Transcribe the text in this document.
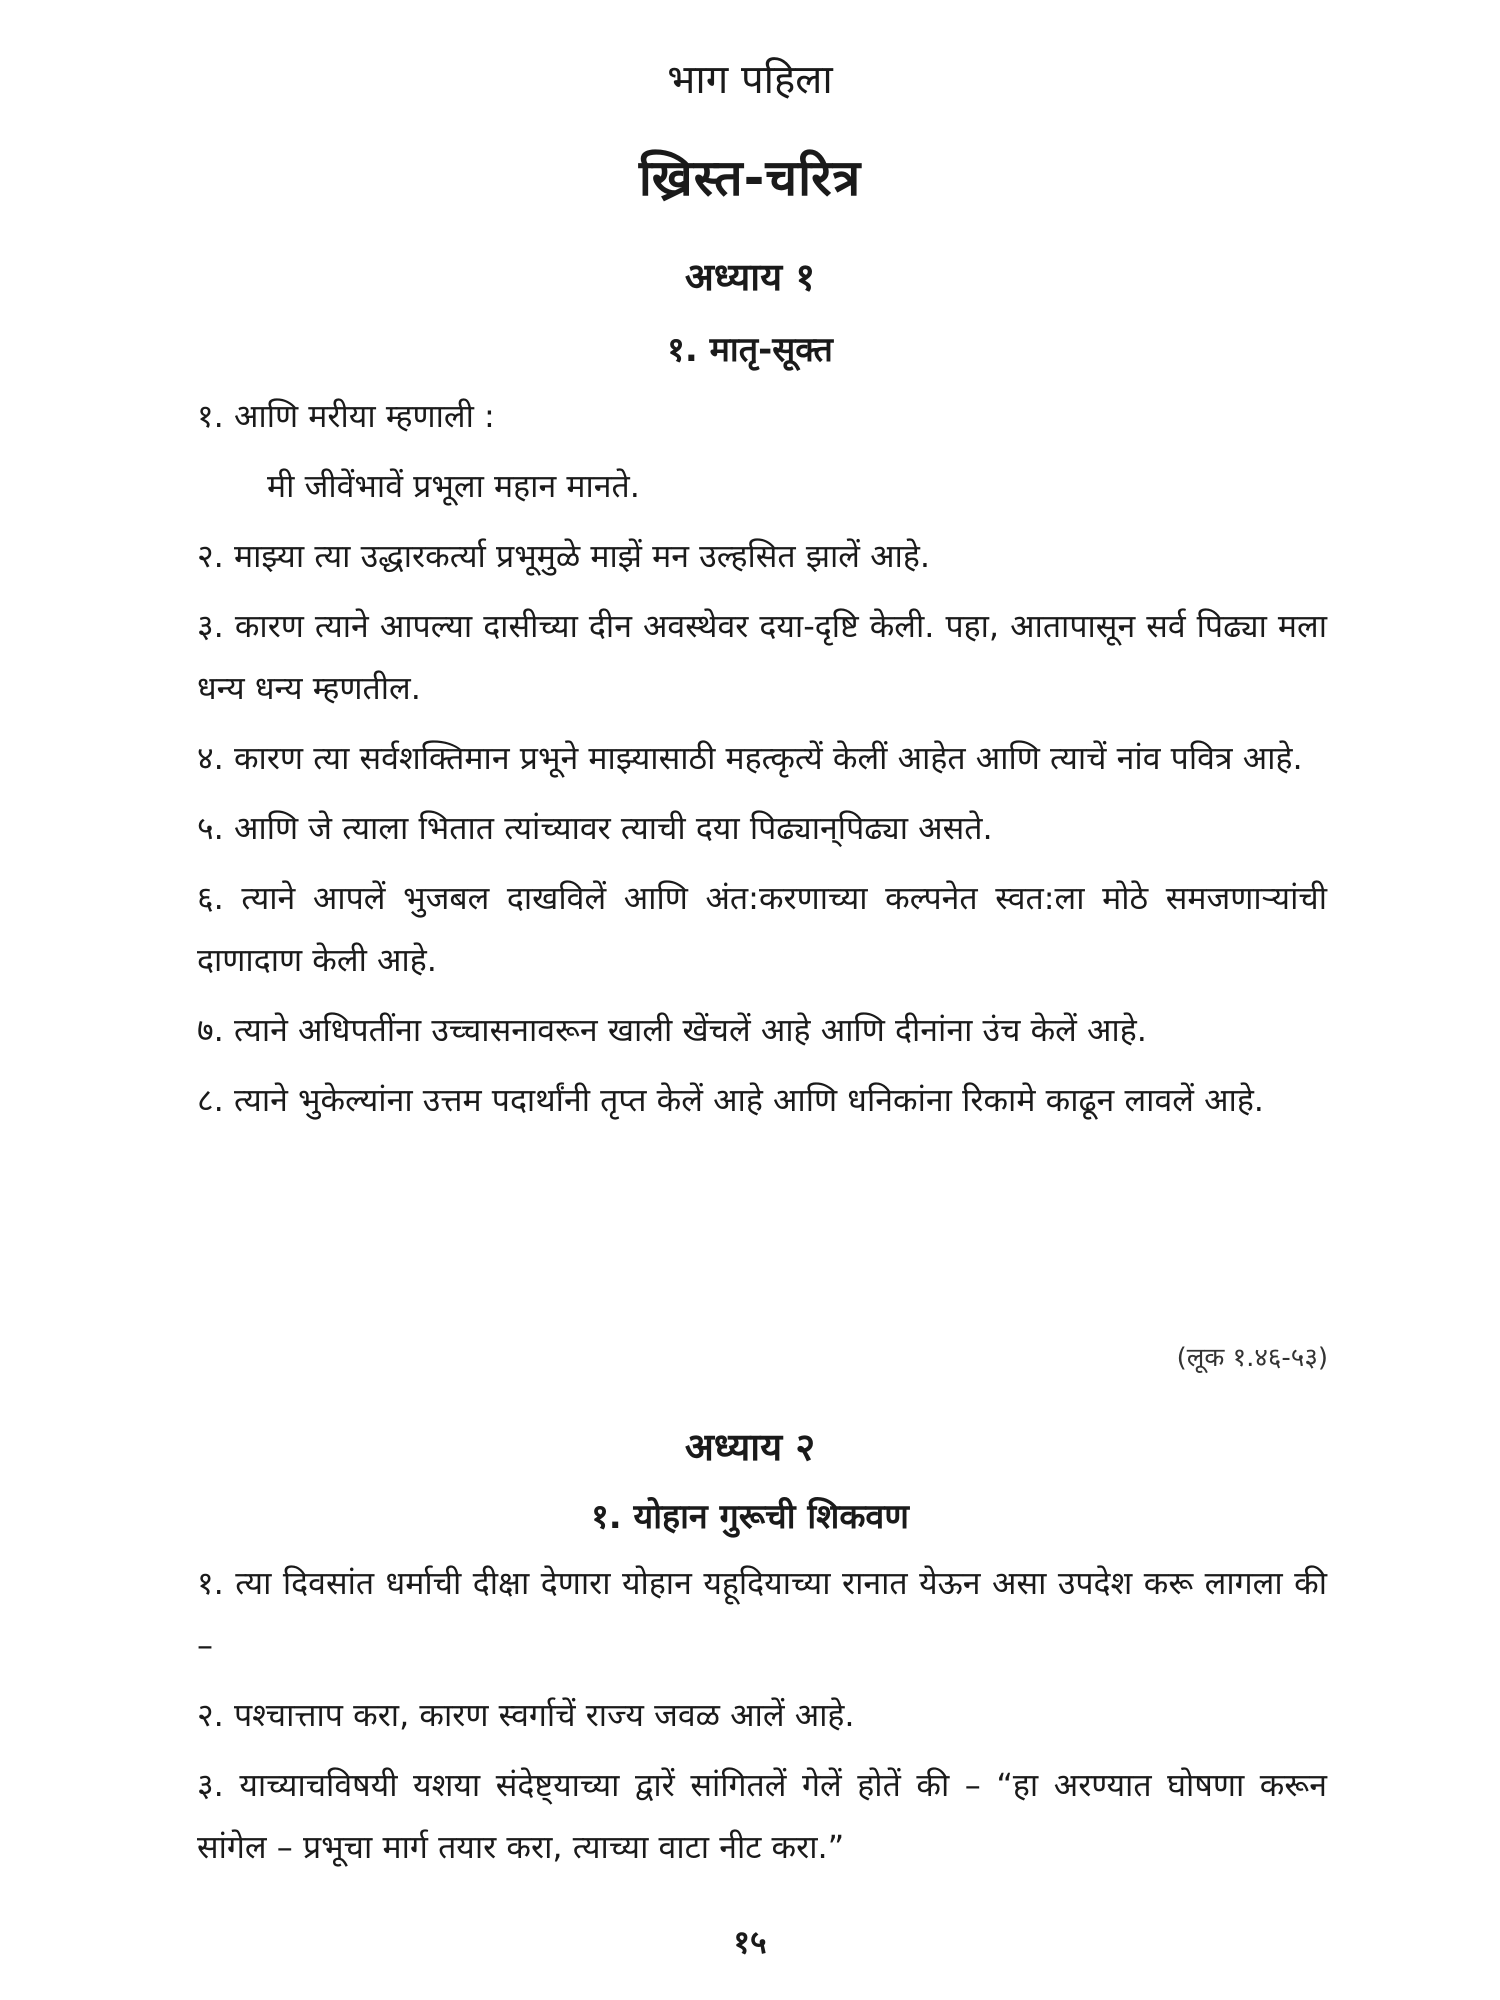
भाग पहिला
ख्रिस्त-चरित्र
अध्याय १
१. मातृ-सूक्त

१. आणि मरीया म्हणाली :

मी जीवेंभावें प्रभूला महान मानते.

२. माझ्या त्या उद्धारकर्त्या प्रभूमुळे माझें मन उल्हसित झालें आहे.

३. कारण त्याने आपल्या दासीच्या दीन अवस्थेवर दया-दृष्टि केली. पहा, आतापासून सर्व पिढ्या मला धन्य धन्य म्हणतील.

४. कारण त्या सर्वशक्तिमान प्रभूने माझ्यासाठी महत्कृत्यें केलीं आहेत आणि त्याचें नांव पवित्र आहे.

५. आणि जे त्याला भितात त्यांच्यावर त्याची दया पिढ्यान्‌पिढ्या असते.

६. त्याने आपलें भुजबल दाखविलें आणि अंत:करणाच्या कल्पनेत स्वत:ला मोठे समजणाऱ्यांची दाणादाण केली आहे.

७. त्याने अधिपतींना उच्चासनावरून खाली खेंचलें आहे आणि दीनांना उंच केलें आहे.

८. त्याने भुकेल्यांना उत्तम पदार्थांनी तृप्त केलें आहे आणि धनिकांना रिकामे काढून लावलें आहे.

(लूक १.४६-५३)
अध्याय २
१. योहान गुरूची शिकवण

१. त्या दिवसांत धर्माची दीक्षा देणारा योहान यहूदियाच्या रानात येऊन असा उपदेश करू लागला की –

२. पश्चात्ताप करा, कारण स्वर्गाचें राज्य जवळ आलें आहे.

३. याच्याचविषयी यशया संदेष्ट्याच्या द्वारें सांगितलें गेलें होतें की – “हा अरण्यात घोषणा करून सांगेल – प्रभूचा मार्ग तयार करा, त्याच्या वाटा नीट करा.”

१५
